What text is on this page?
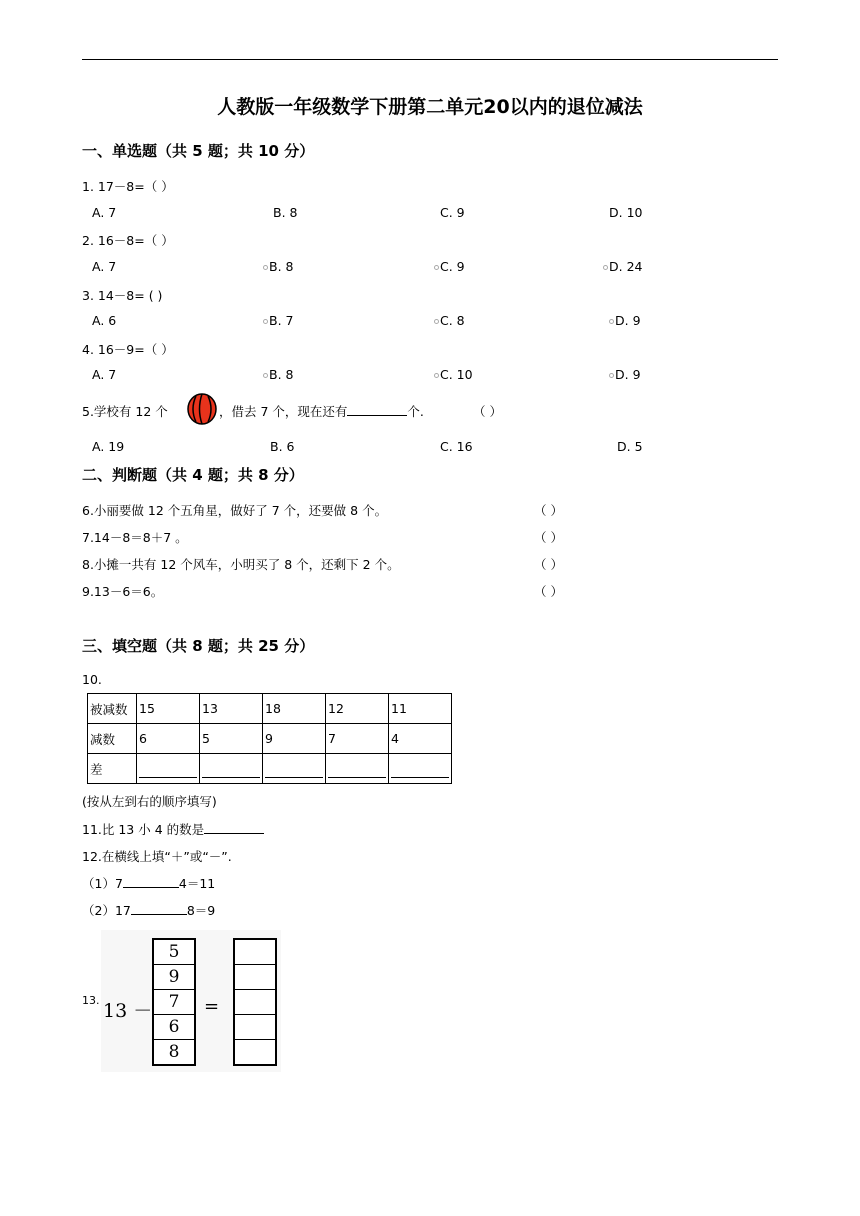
人教版一年级数学下册第二单元20以内的退位减法
一、单选题（共 5 题；共 10 分）
1. 17－8=（ ）
A. 7	B. 8	C. 9	D. 10
2. 16－8=（ ）
A. 7	B. 8	C. 9	D. 24
3. 14－8= ( )
A. 6	B. 7	C. 8	D. 9
4. 16－9=（ ）
A. 7	B. 8	C. 10	D. 9
5.学校有 12 个	，借去 7 个，现在还有	个.	（ ）
A. 19	B. 6	C. 16	D. 5
二、判断题（共 4 题；共 8 分）
6.小丽要做 12 个五角星，做好了 7 个，还要做 8 个。	（ ）
7.14－8＝8＋7 。	（ ）
8.小摊一共有 12 个风车，小明买了 8 个，还剩下 2 个。	（ ）
9.13－6＝6。	（ ）
三、填空题（共 8 题；共 25 分）
10.
被减数	15	13	18	12	11
减数	6	5	9	7	4
差	

(按从左到右的顺序填写)
11.比 13 小 4 的数是
12.在横线上填“＋”或“－”.
（1）7	4＝11
（2）17	8＝9
13. 13 －
5
9
7
6
8
=
